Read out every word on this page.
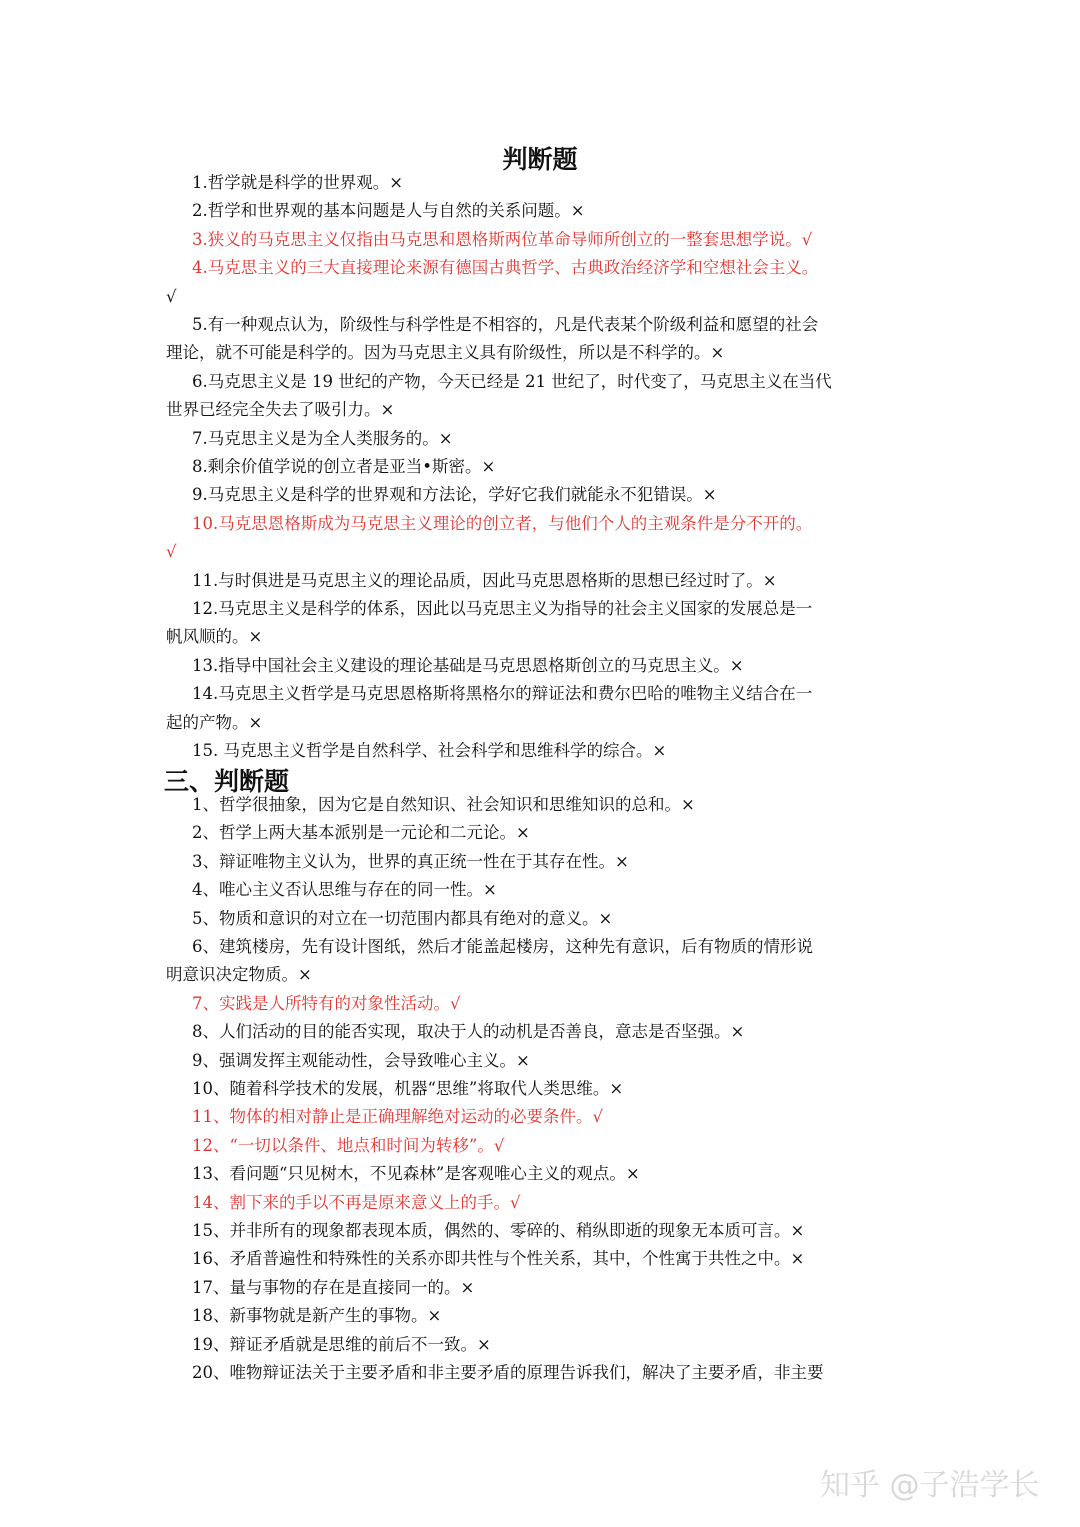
判断题
1.哲学就是科学的世界观。×
2.哲学和世界观的基本问题是人与自然的关系问题。×
3.狭义的马克思主义仅指由马克思和恩格斯两位革命导师所创立的一整套思想学说。√
4.马克思主义的三大直接理论来源有德国古典哲学、古典政治经济学和空想社会主义。
√
5.有一种观点认为，阶级性与科学性是不相容的，凡是代表某个阶级利益和愿望的社会
理论，就不可能是科学的。因为马克思主义具有阶级性，所以是不科学的。×
6.马克思主义是 19 世纪的产物，今天已经是 21 世纪了，时代变了，马克思主义在当代
世界已经完全失去了吸引力。×
7.马克思主义是为全人类服务的。×
8.剩余价值学说的创立者是亚当•斯密。×
9.马克思主义是科学的世界观和方法论，学好它我们就能永不犯错误。×
10.马克思恩格斯成为马克思主义理论的创立者，与他们个人的主观条件是分不开的。
√
11.与时俱进是马克思主义的理论品质，因此马克思恩格斯的思想已经过时了。×
12.马克思主义是科学的体系，因此以马克思主义为指导的社会主义国家的发展总是一
帆风顺的。×
13.指导中国社会主义建设的理论基础是马克思恩格斯创立的马克思主义。×
14.马克思主义哲学是马克思恩格斯将黑格尔的辩证法和费尔巴哈的唯物主义结合在一
起的产物。×
15. 马克思主义哲学是自然科学、社会科学和思维科学的综合。×
三、判断题
1、哲学很抽象，因为它是自然知识、社会知识和思维知识的总和。×
2、哲学上两大基本派别是一元论和二元论。×
3、辩证唯物主义认为，世界的真正统一性在于其存在性。×
4、唯心主义否认思维与存在的同一性。×
5、物质和意识的对立在一切范围内都具有绝对的意义。×
6、建筑楼房，先有设计图纸，然后才能盖起楼房，这种先有意识，后有物质的情形说
明意识决定物质。×
7、实践是人所特有的对象性活动。√
8、人们活动的目的能否实现，取决于人的动机是否善良，意志是否坚强。×
9、强调发挥主观能动性，会导致唯心主义。×
10、随着科学技术的发展，机器“思维”将取代人类思维。×
11、物体的相对静止是正确理解绝对运动的必要条件。√
12、“一切以条件、地点和时间为转移”。√
13、看问题“只见树木，不见森林”是客观唯心主义的观点。×
14、割下来的手以不再是原来意义上的手。√
15、并非所有的现象都表现本质，偶然的、零碎的、稍纵即逝的现象无本质可言。×
16、矛盾普遍性和特殊性的关系亦即共性与个性关系，其中，个性寓于共性之中。×
17、量与事物的存在是直接同一的。×
18、新事物就是新产生的事物。×
19、辩证矛盾就是思维的前后不一致。×
20、唯物辩证法关于主要矛盾和非主要矛盾的原理告诉我们，解决了主要矛盾，非主要
知乎 @子浩学长
